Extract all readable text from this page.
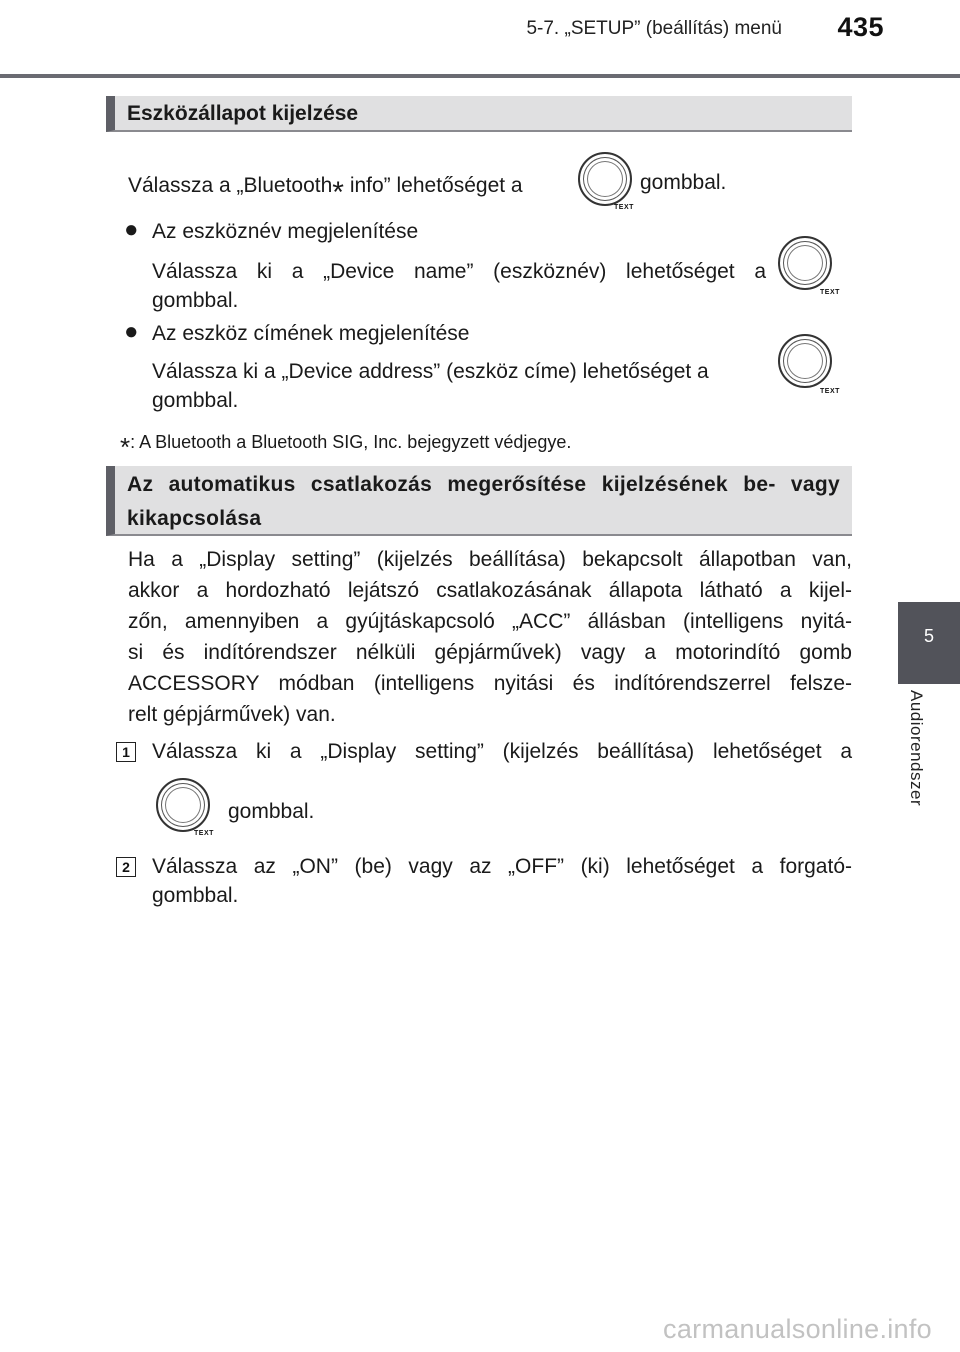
5-7. „SETUP” (beállítás) menü 435
5
Audiorendszer
Eszközállapot kijelzése
Válassza a „Bluetooth* info” lehetőséget a
TEXT
gombbal.
● Az eszköznév megjelenítése
Válassza ki a „Device name” (eszköznév) lehetőséget a
gombbal.	TEXT
● Az eszköz címének megjelenítése
Válassza ki a „Device address” (eszköz címe) lehetőséget a
gombbal.	TEXT
*: A Bluetooth a Bluetooth SIG, Inc. bejegyzett védjegye.
Az automatikus csatlakozás megerősítése kijelzésének be- vagy
kikapcsolása
Ha a „Display setting” (kijelzés beállítása) bekapcsolt állapotban van,
akkor a hordozható lejátszó csatlakozásának állapota látható a kijel-
zőn, amennyiben a gyújtáskapcsoló „ACC” állásban (intelligens nyitá-
si és indítórendszer nélküli gépjárművek) vagy a motorindító gomb
ACCESSORY módban (intelligens nyitási és indítórendszerrel felsze-
relt gépjárművek) van.
1 Válassza ki a „Display setting” (kijelzés beállítása) lehetőséget a
TEXT
gombbal.
2 Válassza az „ON” (be) vagy az „OFF” (ki) lehetőséget a forgató-
gombbal.
carmanualsonline.info
